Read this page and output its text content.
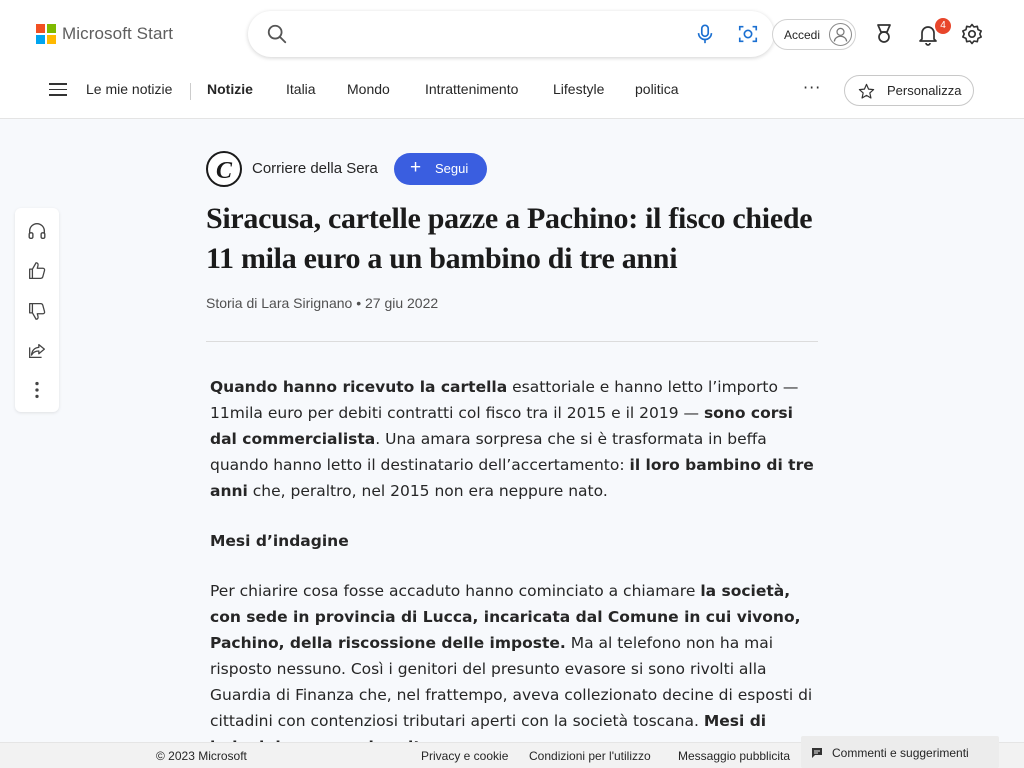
Microsoft Start	Accedi
4
Le mie notizie Notizie Italia Mondo	Intrattenimento Lifestyle politica	···	Personalizza
C Corriere della Sera + Segui
Siracusa, cartelle pazze a Pachino: il fisco chiede 11 mila euro a un bambino di tre anni
Storia di Lara Sirignano • 27 giu 2022

Quando hanno ricevuto la cartella esattoriale e hanno letto l’importo — 11mila euro per debiti contratti col fisco tra il 2015 e il 2019 — sono corsi dal commercialista. Una amara sorpresa che si è trasformata in beffa quando hanno letto il destinatario dell’accertamento: il loro bambino di tre anni che, peraltro, nel 2015 non era neppure nato.

Mesi d’indagine

Per chiarire cosa fosse accaduto hanno cominciato a chiamare la società, con sede in provincia di Lucca, incaricata dal Comune in cui vivono, Pachino, della riscossione delle imposte. Ma al telefono non ha mai risposto nessuno. Così i genitori del presunto evasore si sono rivolti alla Guardia di Finanza che, nel frattempo, aveva collezionato decine di esposti di cittadini con contenziosi tributari aperti con la società toscana. Mesi di

© 2023 Microsoft	Privacy e cookie Condizioni per l'utilizzo Messaggio pubblicita	Commenti e suggerimenti
